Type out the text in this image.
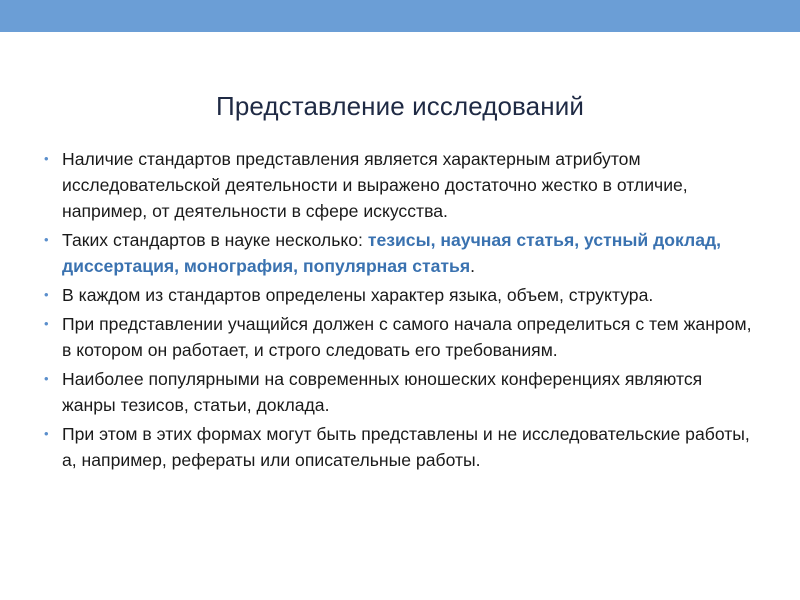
Представление исследований
• Наличие стандартов представления является характерным атрибутом исследовательской деятельности и выражено достаточно жестко в отличие, например, от деятельности в сфере искусства.
• Таких стандартов в науке несколько: тезисы, научная статья, устный доклад, диссертация, монография, популярная статья.
• В каждом из стандартов определены характер языка, объем, структура.
• При представлении учащийся должен с самого начала определиться с тем жанром, в котором он работает, и строго следовать его требованиям.
• Наиболее популярными на современных юношеских конференциях являются жанры тезисов, статьи, доклада.
• При этом в этих формах могут быть представлены и не исследовательские работы, а, например, рефераты или описательные работы.
